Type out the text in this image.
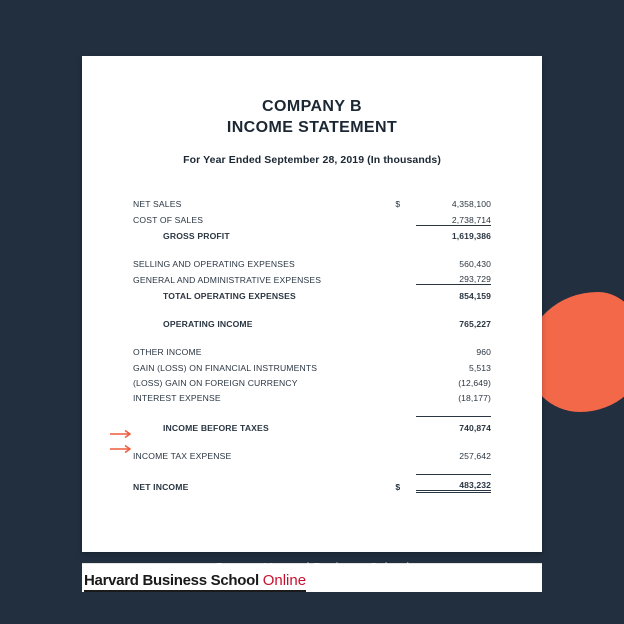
COMPANY B
INCOME STATEMENT
For Year Ended September 28, 2019 (In thousands)
NET SALES	$	4,358,100
COST OF SALES		2,738,714
GROSS PROFIT		1,619,386

SELLING AND OPERATING EXPENSES		560,430
GENERAL AND ADMINISTRATIVE EXPENSES		293,729
TOTAL OPERATING EXPENSES		854,159

OPERATING INCOME		765,227

OTHER INCOME		960
GAIN (LOSS) ON FINANCIAL INSTRUMENTS		5,513
(LOSS) GAIN ON FOREIGN CURRENCY		(12,649)
INTEREST EXPENSE		(18,177)

INCOME BEFORE TAXES		740,874

INCOME TAX EXPENSE		257,642

NET INCOME	$	483,232
Harvard Business School Online
Source: Harvard Business School
